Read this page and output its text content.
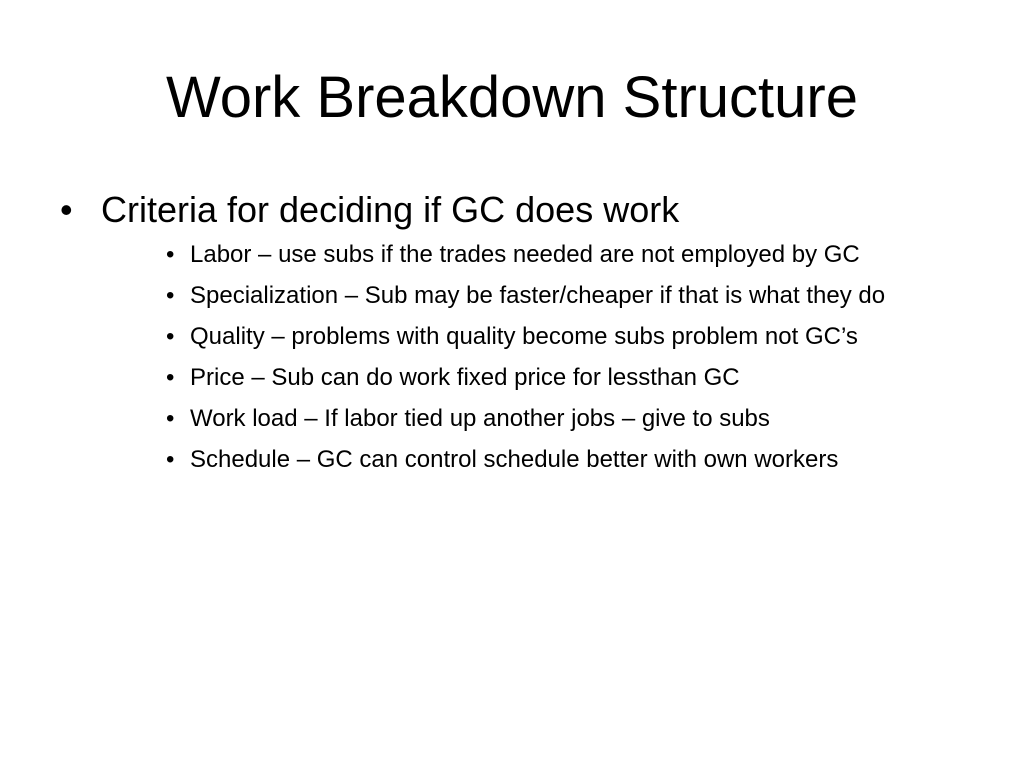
Work Breakdown Structure
• Criteria for deciding if GC does work
• Labor – use subs if the trades needed are not employed by GC
• Specialization – Sub may be faster/cheaper if that is what they do
• Quality – problems with quality become subs problem not GC’s
• Price – Sub can do work fixed price for lessthan GC
• Work load – If labor tied up another jobs – give to subs
• Schedule – GC can control schedule better with own workers
